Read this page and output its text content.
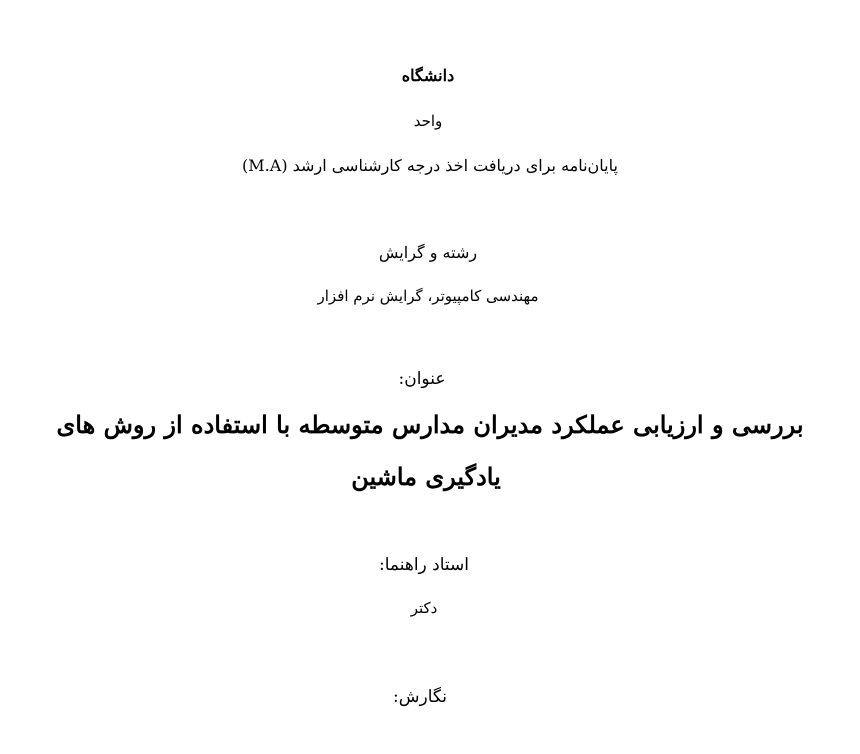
دانشگاه
واحد
پایان‌نامه برای دریافت اخذ درجه کارشناسی ارشد (M.A)
رشته و گرایش
مهندسی کامپیوتر، گرایش نرم افزار
عنوان:
بررسی و ارزیابی عملکرد مدیران مدارس متوسطه با استفاده از روش های
یادگیری ماشین
استاد راهنما:
دکتر
نگارش:
